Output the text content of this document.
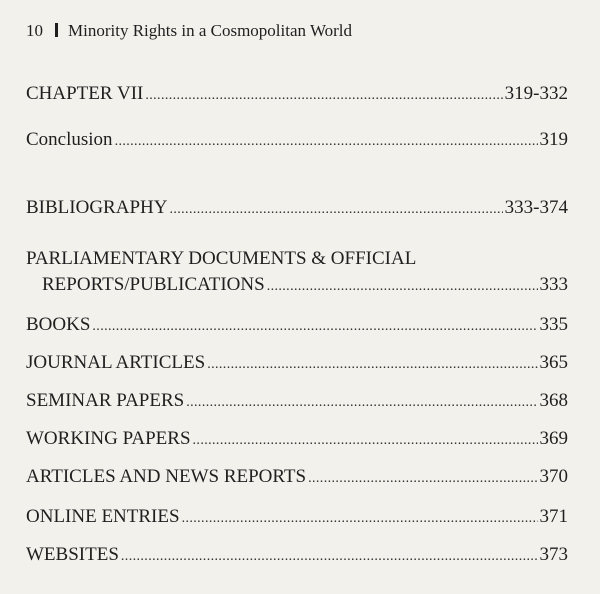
10 Minority Rights in a Cosmopolitan World
CHAPTER VII .....	319-332
Conclusion .....	319
BIBLIOGRAPHY .....	333-374
PARLIAMENTARY DOCUMENTS & OFFICIAL
REPORTS/PUBLICATIONS .....	333
BOOKS .....	335
JOURNAL ARTICLES .....	365
SEMINAR PAPERS .....	368
WORKING PAPERS .....	369
ARTICLES AND NEWS REPORTS .....	370
ONLINE ENTRIES .....	371
WEBSITES .....	373
